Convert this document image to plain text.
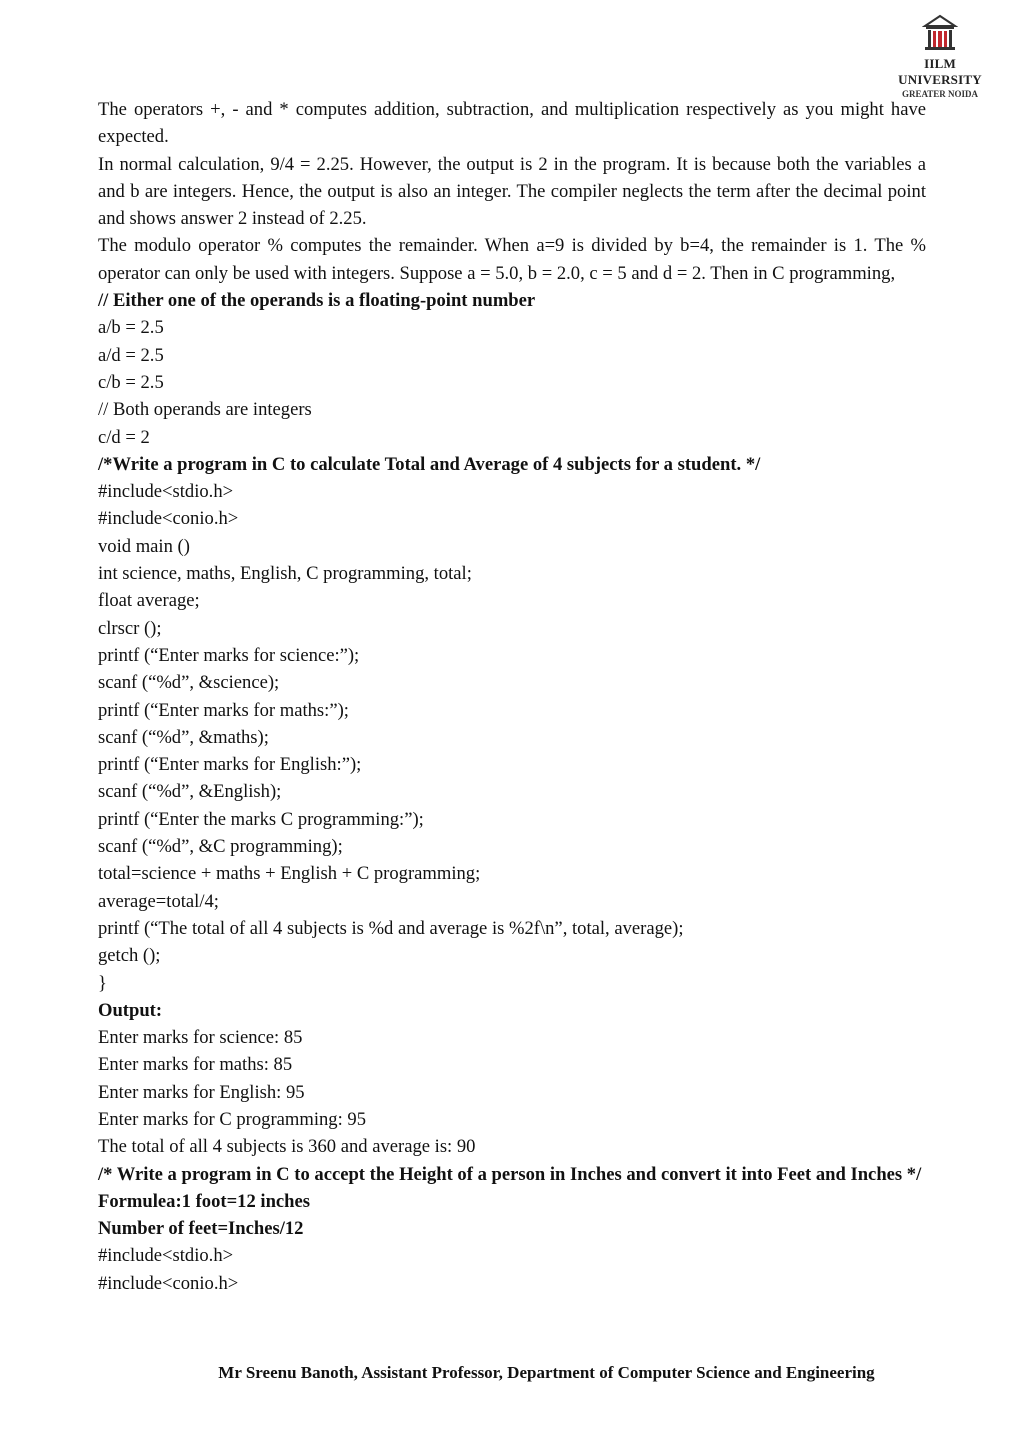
IILM UNIVERSITY
GREATER NOIDA
The operators +, - and * computes addition, subtraction, and multiplication respectively as you might have expected.
In normal calculation, 9/4 = 2.25. However, the output is 2 in the program. It is because both the variables a and b are integers. Hence, the output is also an integer. The compiler neglects the term after the decimal point and shows answer 2 instead of 2.25.
The modulo operator % computes the remainder. When a=9 is divided by b=4, the remainder is 1. The % operator can only be used with integers. Suppose a = 5.0, b = 2.0, c = 5 and d = 2. Then in C programming,
// Either one of the operands is a floating-point number
a/b = 2.5
a/d = 2.5
c/b = 2.5
// Both operands are integers
c/d = 2
/*Write a program in C to calculate Total and Average of 4 subjects for a student. */
#include<stdio.h>
#include<conio.h>
void main ()
int science, maths, English, C programming, total;
float average;
clrscr ();
printf (“Enter marks for science:”);
scanf (“%d”, &science);
printf (“Enter marks for maths:”);
scanf (“%d”, &maths);
printf (“Enter marks for English:”);
scanf (“%d”, &English);
printf (“Enter the marks C programming:”);
scanf (“%d”, &C programming);
total=science + maths + English + C programming;
average=total/4;
printf (“The total of all 4 subjects is %d and average is %2f\n”, total, average);
getch ();
}
Output:
Enter marks for science: 85
Enter marks for maths: 85
Enter marks for English: 95
Enter marks for C programming: 95
The total of all 4 subjects is 360 and average is: 90
/* Write a program in C to accept the Height of a person in Inches and convert it into Feet and Inches */
Formulea:1 foot=12 inches
Number of feet=Inches/12
#include<stdio.h>
#include<conio.h>
Mr Sreenu Banoth, Assistant Professor, Department of Computer Science and Engineering
